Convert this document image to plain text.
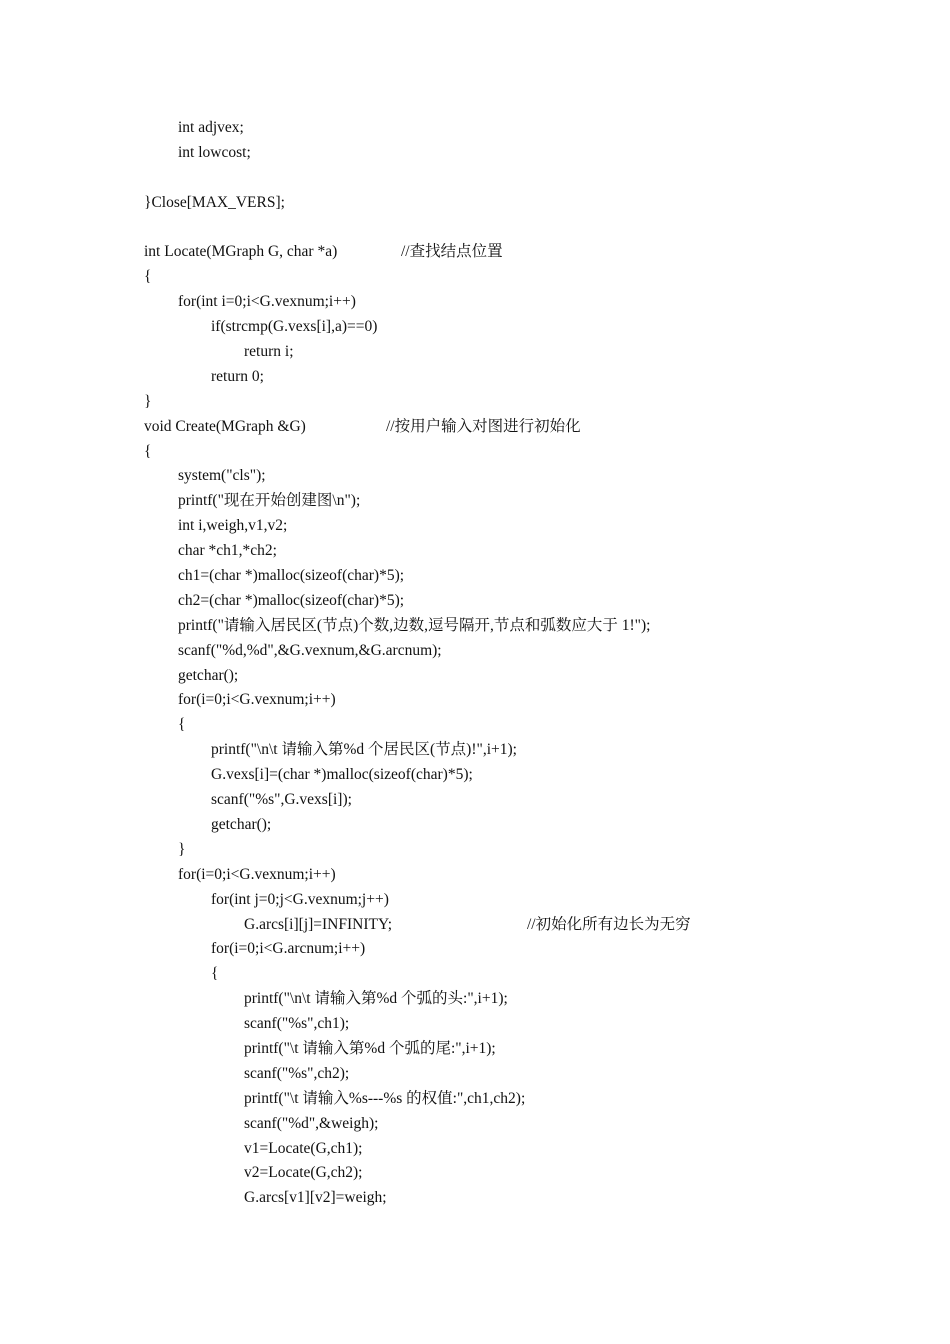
int adjvex;
int lowcost;
}Close[MAX_VERS];
int Locate(MGraph G, char *a)	//查找结点位置
{
for(int i=0;i<G.vexnum;i++)
if(strcmp(G.vexs[i],a)==0)
return i;
return 0;
}
void Create(MGraph &G)	//按用户输入对图进行初始化
{
system("cls");
printf("现在开始创建图\n");
int i,weigh,v1,v2;
char *ch1,*ch2;
ch1=(char *)malloc(sizeof(char)*5);
ch2=(char *)malloc(sizeof(char)*5);
printf("请输入居民区(节点)个数,边数,逗号隔开,节点和弧数应大于 1!");
scanf("%d,%d",&G.vexnum,&G.arcnum);
getchar();
for(i=0;i<G.vexnum;i++)
{
printf("\n\t 请输入第%d 个居民区(节点)!",i+1);
G.vexs[i]=(char *)malloc(sizeof(char)*5);
scanf("%s",G.vexs[i]);
getchar();
}
for(i=0;i<G.vexnum;i++)
for(int j=0;j<G.vexnum;j++)
G.arcs[i][j]=INFINITY;	//初始化所有边长为无穷
for(i=0;i<G.arcnum;i++)
{
printf("\n\t 请输入第%d 个弧的头:",i+1);
scanf("%s",ch1);
printf("\t 请输入第%d 个弧的尾:",i+1);
scanf("%s",ch2);
printf("\t 请输入%s---%s 的权值:",ch1,ch2);
scanf("%d",&weigh);
v1=Locate(G,ch1);
v2=Locate(G,ch2);
G.arcs[v1][v2]=weigh;
